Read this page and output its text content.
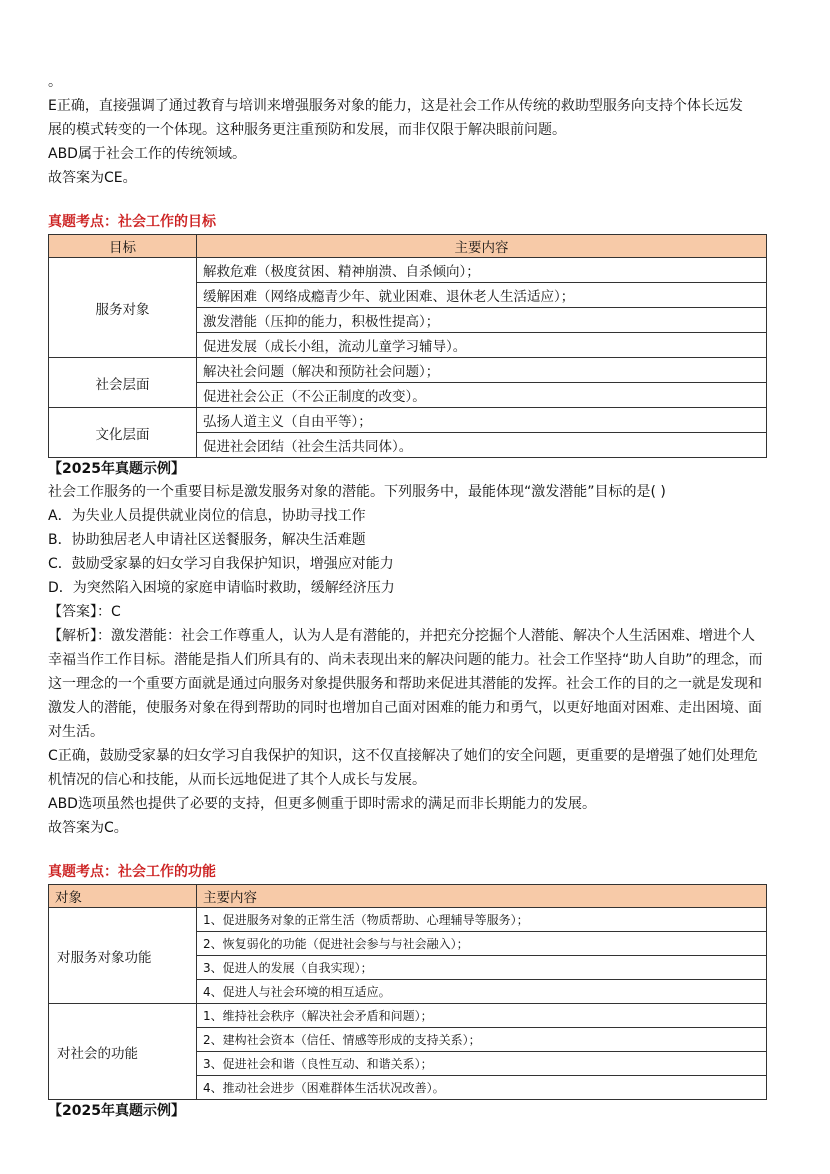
。

E正确，直接强调了通过教育与培训来增强服务对象的能力，这是社会工作从传统的救助型服务向支持个体长远发

展的模式转变的一个体现。这种服务更注重预防和发展，而非仅限于解决眼前问题。

ABD属于社会工作的传统领域。

故答案为CE。

真题考点：社会工作的目标

目标	主要内容
服务对象	解救危难（极度贫困、精神崩溃、自杀倾向）；
	缓解困难（网络成瘾青少年、就业困难、退休老人生活适应）；
	激发潜能（压抑的能力，积极性提高）；
	促进发展（成长小组，流动儿童学习辅导）。
社会层面	解决社会问题（解决和预防社会问题）；
	促进社会公正（不公正制度的改变）。
文化层面	弘扬人道主义（自由平等）；
	促进社会团结（社会生活共同体）。

【2025年真题示例】

社会工作服务的一个重要目标是激发服务对象的潜能。下列服务中，最能体现“激发潜能”目标的是( )

A．为失业人员提供就业岗位的信息，协助寻找工作

B．协助独居老人申请社区送餐服务，解决生活难题

C．鼓励受家暴的妇女学习自我保护知识，增强应对能力

D．为突然陷入困境的家庭申请临时救助，缓解经济压力

【答案】：C

【解析】：激发潜能：社会工作尊重人，认为人是有潜能的，并把充分挖掘个人潜能、解决个人生活困难、增进个人幸福当作工作目标。潜能是指人们所具有的、尚未表现出来的解决问题的能力。社会工作坚持“助人自助”的理念，而这一理念的一个重要方面就是通过向服务对象提供服务和帮助来促进其潜能的发挥。社会工作的目的之一就是发现和激发人的潜能，使服务对象在得到帮助的同时也增加自己面对困难的能力和勇气，以更好地面对困难、走出困境、面对生活。

C正确，鼓励受家暴的妇女学习自我保护的知识，这不仅直接解决了她们的安全问题，更重要的是增强了她们处理危机情况的信心和技能，从而长远地促进了其个人成长与发展。

ABD选项虽然也提供了必要的支持，但更多侧重于即时需求的满足而非长期能力的发展。

故答案为C。

真题考点：社会工作的功能

对象	主要内容
对服务对象功能	1、促进服务对象的正常生活（物质帮助、心理辅导等服务）；
	2、恢复弱化的功能（促进社会参与与社会融入）；
	3、促进人的发展（自我实现）；
	4、促进人与社会环境的相互适应。
对社会的功能	1、维持社会秩序（解决社会矛盾和问题）；
	2、建构社会资本（信任、情感等形成的支持关系）；
	3、促进社会和谐（良性互动、和谐关系）；
	4、推动社会进步（困难群体生活状况改善）。

【2025年真题示例】
